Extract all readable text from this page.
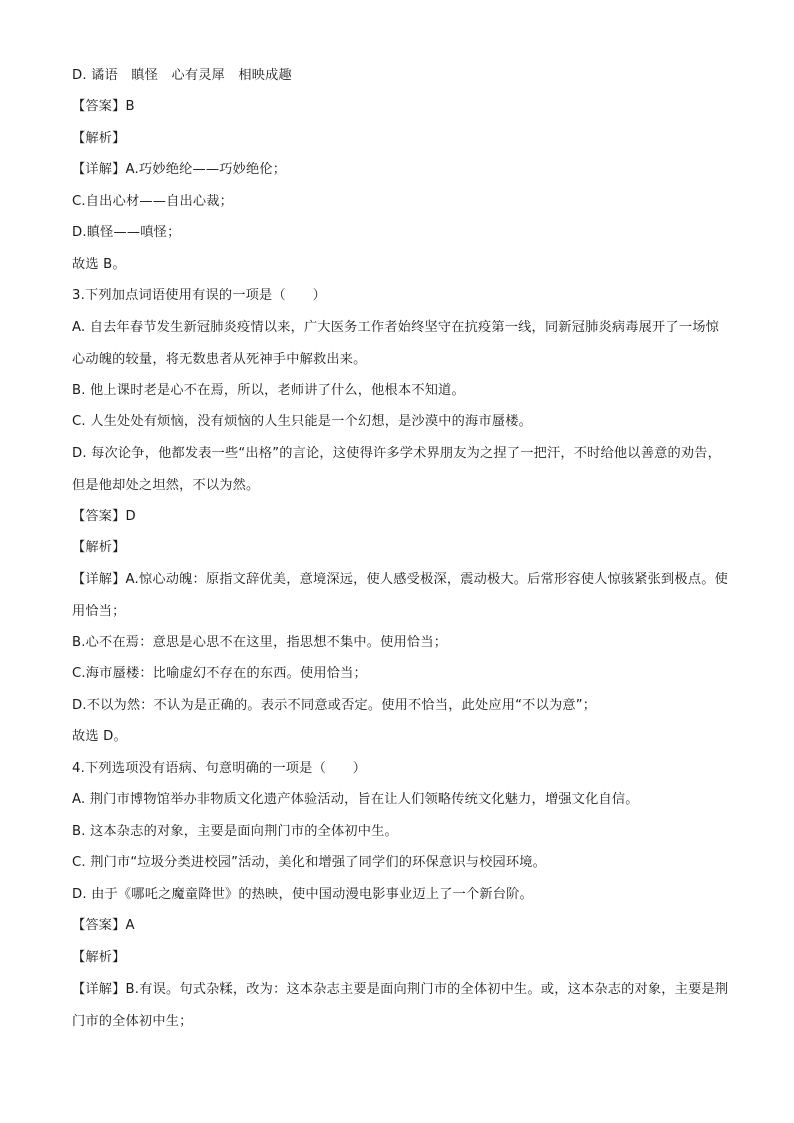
D. 谲语　瞋怪　心有灵犀　相映成趣
【答案】B
【解析】
【详解】A.巧妙绝纶——巧妙绝伦；
C.自出心材——自出心裁；
D.瞋怪——嗔怪；
故选 B。
3.下列加点词语使用有误的一项是（　　）
A. 自去年春节发生新冠肺炎疫情以来，广大医务工作者始终坚守在抗疫第一线，同新冠肺炎病毒展开了一场惊心动魄的较量，将无数患者从死神手中解救出来。
B. 他上课时老是心不在焉，所以，老师讲了什么，他根本不知道。
C. 人生处处有烦恼，没有烦恼的人生只能是一个幻想，是沙漠中的海市蜃楼。
D. 每次论争，他都发表一些“出格”的言论，这使得许多学术界朋友为之捏了一把汗，不时给他以善意的劝告，但是他却处之坦然，不以为然。
【答案】D
【解析】
【详解】A.惊心动魄：原指文辞优美，意境深远，使人感受极深，震动极大。后常形容使人惊骇紧张到极点。使用恰当；
B.心不在焉：意思是心思不在这里，指思想不集中。使用恰当；
C.海市蜃楼：比喻虚幻不存在的东西。使用恰当；
D.不以为然：不认为是正确的。表示不同意或否定。使用不恰当，此处应用“不以为意”；
故选 D。
4.下列选项没有语病、句意明确的一项是（　　）
A. 荆门市博物馆举办非物质文化遗产体验活动，旨在让人们领略传统文化魅力，增强文化自信。
B. 这本杂志的对象，主要是面向荆门市的全体初中生。
C. 荆门市“垃圾分类进校园”活动，美化和增强了同学们的环保意识与校园环境。
D. 由于《哪吒之魔童降世》的热映，使中国动漫电影事业迈上了一个新台阶。
【答案】A
【解析】
【详解】B.有误。句式杂糅，改为：这本杂志主要是面向荆门市的全体初中生。或，这本杂志的对象，主要是荆门市的全体初中生；
